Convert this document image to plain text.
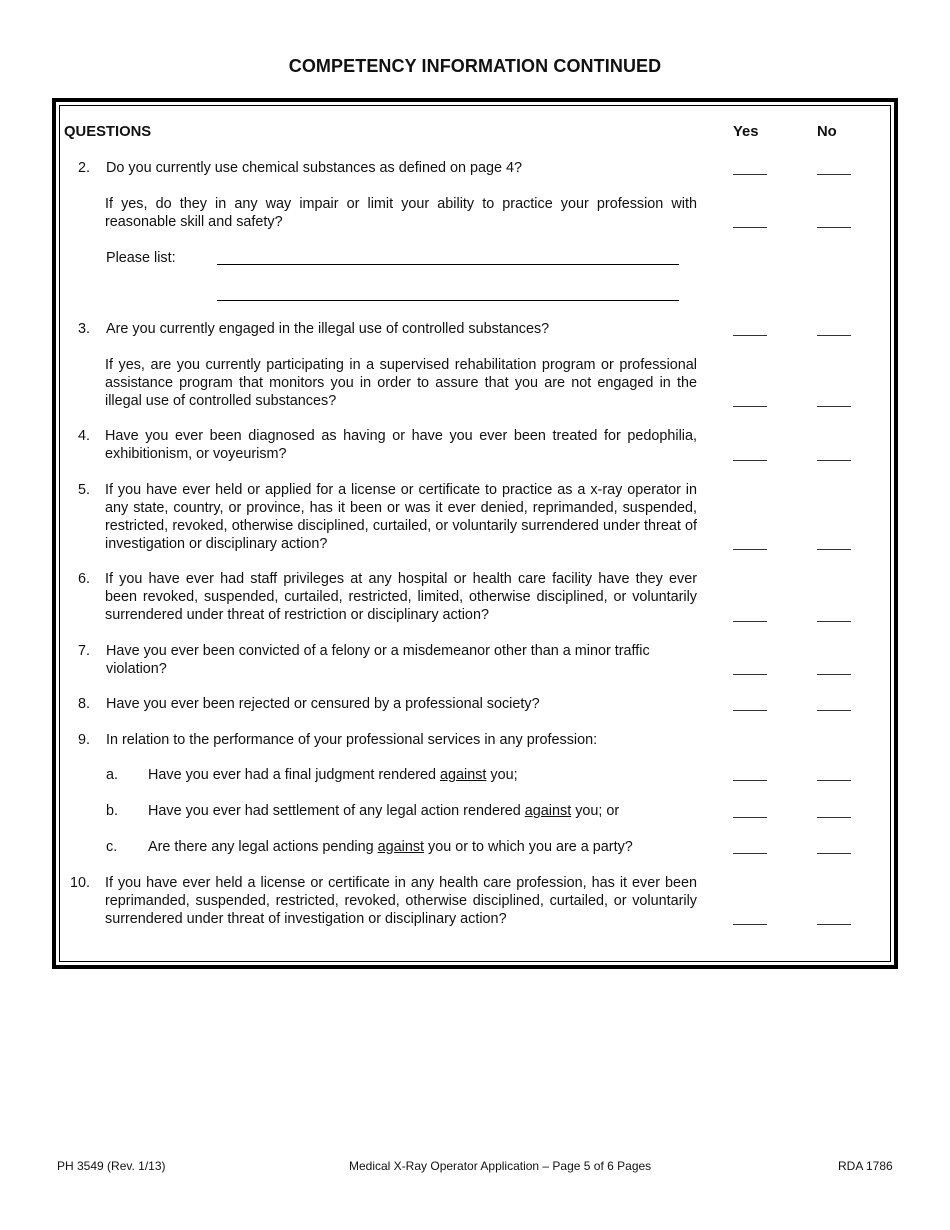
COMPETENCY INFORMATION CONTINUED
QUESTIONS	Yes	No
2. Do you currently use chemical substances as defined on page 4?
If yes, do they in any way impair or limit your ability to practice your profession with reasonable skill and safety?
Please list:
3. Are you currently engaged in the illegal use of controlled substances?
If yes, are you currently participating in a supervised rehabilitation program or professional assistance program that monitors you in order to assure that you are not engaged in the illegal use of controlled substances?
4. Have you ever been diagnosed as having or have you ever been treated for pedophilia, exhibitionism, or voyeurism?
5. If you have ever held or applied for a license or certificate to practice as a x-ray operator in any state, country, or province, has it been or was it ever denied, reprimanded, suspended, restricted, revoked, otherwise disciplined, curtailed, or voluntarily surrendered under threat of investigation or disciplinary action?
6. If you have ever had staff privileges at any hospital or health care facility have they ever been revoked, suspended, curtailed, restricted, limited, otherwise disciplined, or voluntarily surrendered under threat of restriction or disciplinary action?
7. Have you ever been convicted of a felony or a misdemeanor other than a minor traffic violation?
8. Have you ever been rejected or censured by a professional society?
9. In relation to the performance of your professional services in any profession:
a.	Have you ever had a final judgment rendered against you;
b.	Have you ever had settlement of any legal action rendered against you; or
c.	Are there any legal actions pending against you or to which you are a party?
10. If you have ever held a license or certificate in any health care profession, has it ever been reprimanded, suspended, restricted, revoked, otherwise disciplined, curtailed, or voluntarily surrendered under threat of investigation or disciplinary action?
PH 3549 (Rev. 1/13)	Medical X-Ray Operator Application – Page 5 of 6 Pages	RDA 1786
